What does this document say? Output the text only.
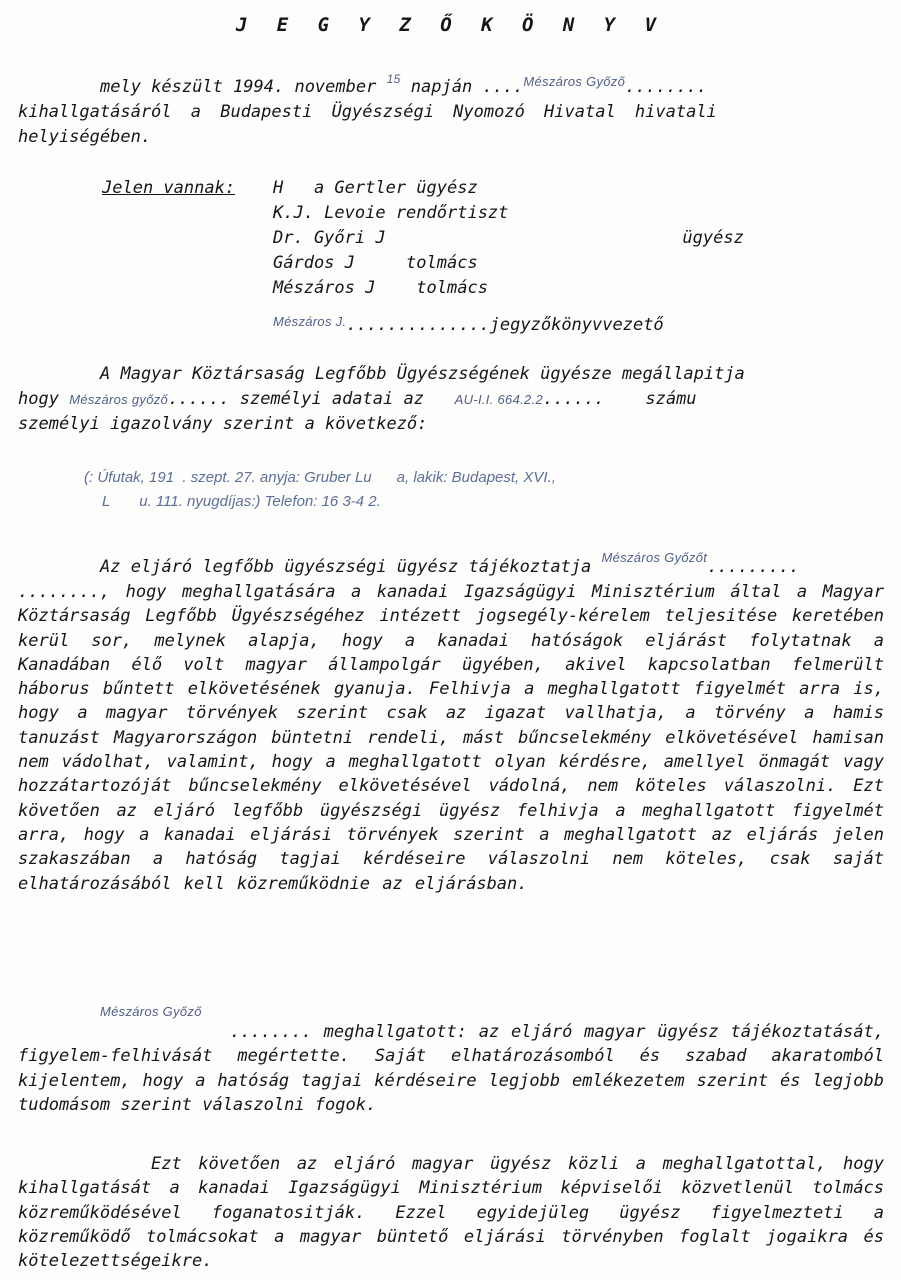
J E G Y Z Ő K Ö N Y V
mely készült 1994. november $^{15}$ napján ....$^{Mészáros Győző}$........
kihallgatásáról a Budapesti Ügyészségi Nyomozó Hivatal hivatali
helyiségében.
Jelen vannak: H   a Gertler ügyész
K.J. Levoie rendőrtiszt
Dr. Győri J                             ügyész
Gárdos J     tolmács
Mészáros J    tolmács
$^{Mészáros J.}$..............jegyzőkönyvvezető
A Magyar Köztársaság Legfőbb Ügyészségének ügyésze megállapitja
hogy Mészáros győző...... személyi adatai az AU-I.I. 664.2.2......    számu
személyi igazolvány szerint a következő:
(: Úfutak, 191  . szept. 27. anyja: Gruber Lu      a, lakik: Budapest, XVI.,
L       u. 111. nyugdíjas:) Telefon: 16 3-4 2.
Az eljáró legfőbb ügyészségi ügyész tájékoztatja $^{Mészáros Győzőt}$.........
........, hogy meghallgatására a kanadai Igazságügyi Minisztérium által a Magyar Köztársaság Legfőbb Ügyészségéhez intézett jogsegély-kérelem teljesitése keretében kerül sor, melynek alapja, hogy a kanadai hatóságok eljárást folytatnak a Kanadában élő volt magyar állampolgár ügyében, akivel kapcsolatban felmerült háborus bűntett elkövetésének gyanuja. Felhivja a meghallgatott figyelmét arra is, hogy a magyar törvények szerint csak az igazat vallhatja, a törvény a hamis tanuzást Magyarországon büntetni rendeli, mást bűncselekmény elkövetésével hamisan nem vádolhat, valamint, hogy a meghallgatott olyan kérdésre, amellyel önmagát vagy hozzátartozóját bűncselekmény elkövetésével vádolná, nem köteles válaszolni. Ezt követően az eljáró legfőbb ügyészségi ügyész felhivja a meghallgatott figyelmét arra, hogy a kanadai eljárási törvények szerint a meghallgatott az eljárás jelen szakaszában a hatóság tagjai kérdéseire válaszolni nem köteles, csak saját elhatározásából kell közreműködnie az eljárásban.
Mészáros Győző
........ meghallgatott: az eljáró magyar ügyész tájékoztatását, figyelem-felhivását megértette. Saját elhatározásomból és szabad akaratomból kijelentem, hogy a hatóság tagjai kérdéseire legjobb emlékezetem szerint és legjobb tudomásom szerint válaszolni fogok.
Ezt követően az eljáró magyar ügyész közli a meghallgatottal, hogy kihallgatását a kanadai Igazságügyi Minisztérium képviselői közvetlenül tolmács közreműködésével foganatositják. Ezzel egyidejüleg ügyész figyelmezteti a közreműködő tolmácsokat a magyar büntető eljárási törvényben foglalt jogaikra és kötelezettségeikre.
